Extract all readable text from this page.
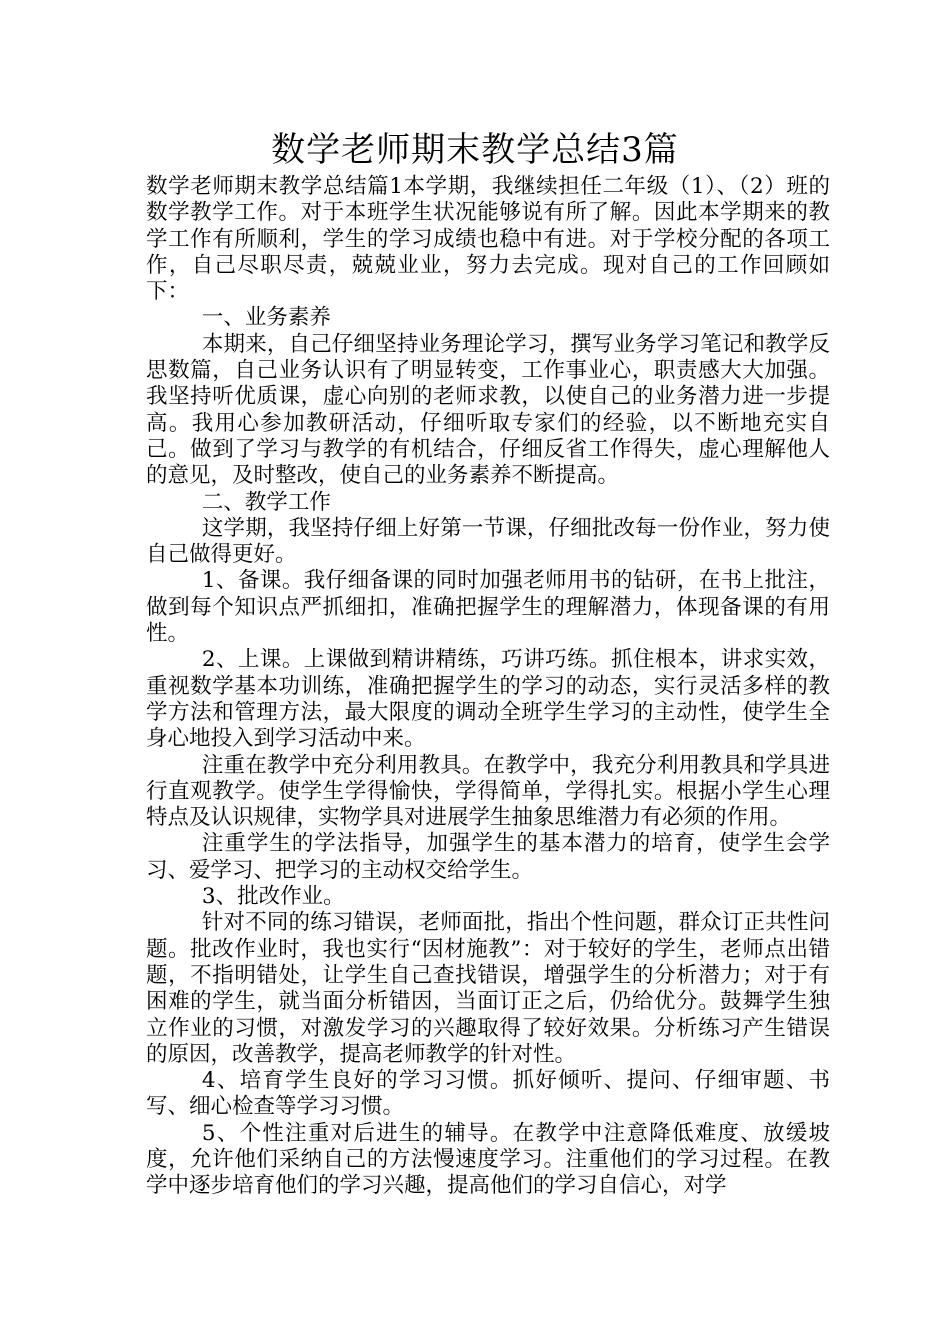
数学老师期末教学总结3篇

数学老师期末教学总结篇1本学期，我继续担任二年级（1）、（2）班的数学教学工作。对于本班学生状况能够说有所了解。因此本学期来的教学工作有所顺利，学生的学习成绩也稳中有进。对于学校分配的各项工作，自己尽职尽责，兢兢业业，努力去完成。现对自己的工作回顾如下：

一、业务素养

本期来，自己仔细坚持业务理论学习，撰写业务学习笔记和教学反思数篇，自己业务认识有了明显转变，工作事业心，职责感大大加强。我坚持听优质课，虚心向别的老师求教，以使自己的业务潜力进一步提高。我用心参加教研活动，仔细听取专家们的经验，以不断地充实自己。做到了学习与教学的有机结合，仔细反省工作得失，虚心理解他人的意见，及时整改，使自己的业务素养不断提高。

二、教学工作

这学期，我坚持仔细上好第一节课，仔细批改每一份作业，努力使自己做得更好。

1、备课。我仔细备课的同时加强老师用书的钻研，在书上批注，做到每个知识点严抓细扣，准确把握学生的理解潜力，体现备课的有用性。

2、上课。上课做到精讲精练，巧讲巧练。抓住根本，讲求实效，重视数学基本功训练，准确把握学生的学习的动态，实行灵活多样的教学方法和管理方法，最大限度的调动全班学生学习的主动性，使学生全身心地投入到学习活动中来。

注重在教学中充分利用教具。在教学中，我充分利用教具和学具进行直观教学。使学生学得愉快，学得简单，学得扎实。根据小学生心理特点及认识规律，实物学具对进展学生抽象思维潜力有必须的作用。

注重学生的学法指导，加强学生的基本潜力的培育，使学生会学习、爱学习、把学习的主动权交给学生。

3、批改作业。

针对不同的练习错误，老师面批，指出个性问题，群众订正共性问题。批改作业时，我也实行“因材施教”：对于较好的学生，老师点出错题，不指明错处，让学生自己查找错误，增强学生的分析潜力；对于有困难的学生，就当面分析错因，当面订正之后，仍给优分。鼓舞学生独立作业的习惯，对激发学习的兴趣取得了较好效果。分析练习产生错误的原因，改善教学，提高老师教学的针对性。

4、培育学生良好的学习习惯。抓好倾听、提问、仔细审题、书写、细心检查等学习习惯。

5、个性注重对后进生的辅导。在教学中注意降低难度、放缓坡度，允许他们采纳自己的方法慢速度学习。注重他们的学习过程。在教学中逐步培育他们的学习兴趣，提高他们的学习自信心，对学
